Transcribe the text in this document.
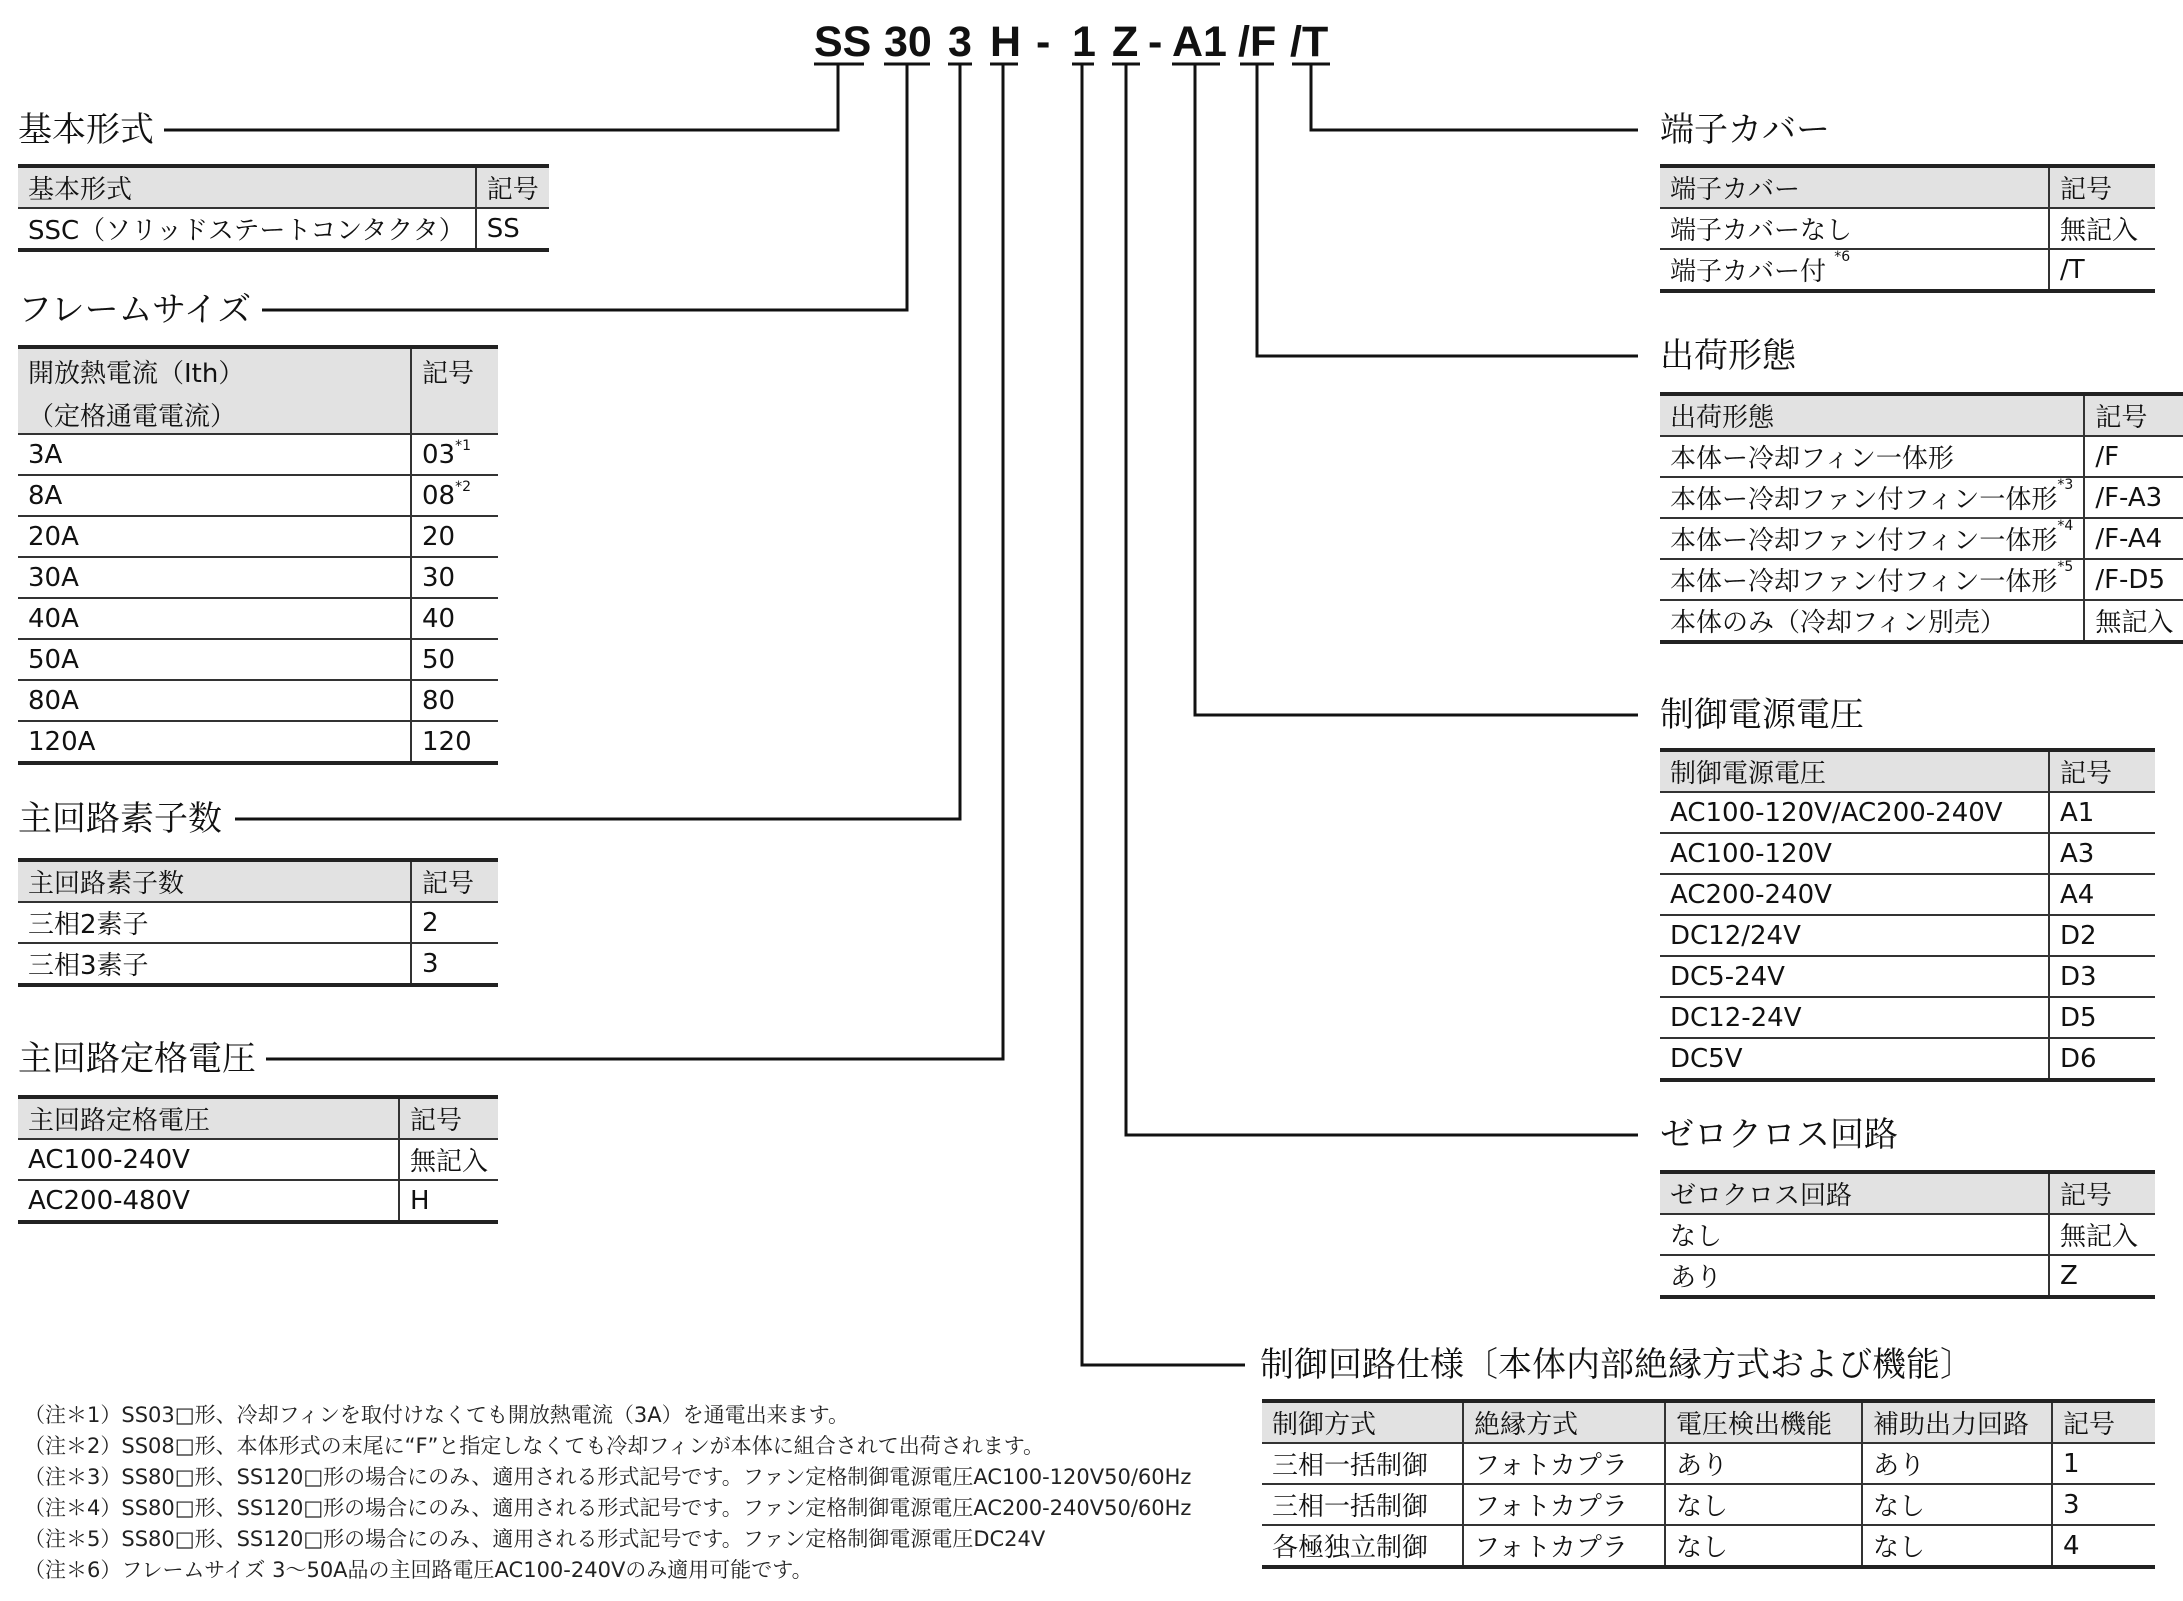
SS 30 3 H - 1 Z - A1 /F /T
基本形式
基本形式	記号
SSC（ソリッドステートコンタクタ）	SS
フレームサイズ
開放熱電流（Ith）
（定格通電電流）	記号
3A	03$^{*1}$
8A	08$^{*2}$
20A	20
30A	30
40A	40
50A	50
80A	80
120A	120
主回路素子数
主回路素子数	記号
三相2素子	2
三相3素子	3
主回路定格電圧
主回路定格電圧	記号
AC100-240V	無記入
AC200-480V	H
端子カバー
端子カバー	記号
端子カバーなし	無記入
端子カバー付 $^{*6}$	/T
出荷形態
出荷形態	記号
本体ー冷却フィン一体形	/F
本体ー冷却ファン付フィン一体形$^{*3}$	/F-A3
本体ー冷却ファン付フィン一体形$^{*4}$	/F-A4
本体ー冷却ファン付フィン一体形$^{*5}$	/F-D5
本体のみ（冷却フィン別売）	無記入
制御電源電圧
制御電源電圧	記号
AC100-120V/AC200-240V	A1
AC100-120V	A3
AC200-240V	A4
DC12/24V	D2
DC5-24V	D3
DC12-24V	D5
DC5V	D6
ゼロクロス回路
ゼロクロス回路	記号
なし	無記入
あり	Z
制御回路仕様〔本体内部絶縁方式および機能〕
制御方式	絶縁方式	電圧検出機能	補助出力回路	記号
三相一括制御	フォトカプラ	あり	あり	1
三相一括制御	フォトカプラ	なし	なし	3
各極独立制御	フォトカプラ	なし	なし	4
（注＊1）SS03□形、冷却フィンを取付けなくても開放熱電流（3A）を通電出来ます。
（注＊2）SS08□形、本体形式の末尾に“F”と指定しなくても冷却フィンが本体に組合されて出荷されます。
（注＊3）SS80□形、SS120□形の場合にのみ、適用される形式記号です。ファン定格制御電源電圧AC100-120V50/60Hz
（注＊4）SS80□形、SS120□形の場合にのみ、適用される形式記号です。ファン定格制御電源電圧AC200-240V50/60Hz
（注＊5）SS80□形、SS120□形の場合にのみ、適用される形式記号です。ファン定格制御電源電圧DC24V
（注＊6）フレームサイズ 3～50A品の主回路電圧AC100-240Vのみ適用可能です。
